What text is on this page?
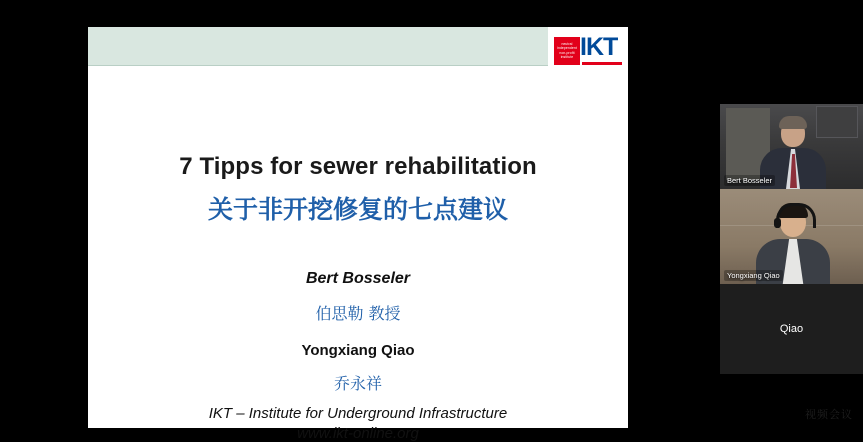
neutral independent non-profit institute IKT
7 Tipps for sewer rehabilitation
关于非开挖修复的七点建议
Bert Bosseler
伯思勒 教授
Yongxiang Qiao
乔永祥
IKT – Institute for Underground Infrastructure
www.ikt-online.org
Bert Bosseler
Yongxiang Qiao
Qiao
视频会议
